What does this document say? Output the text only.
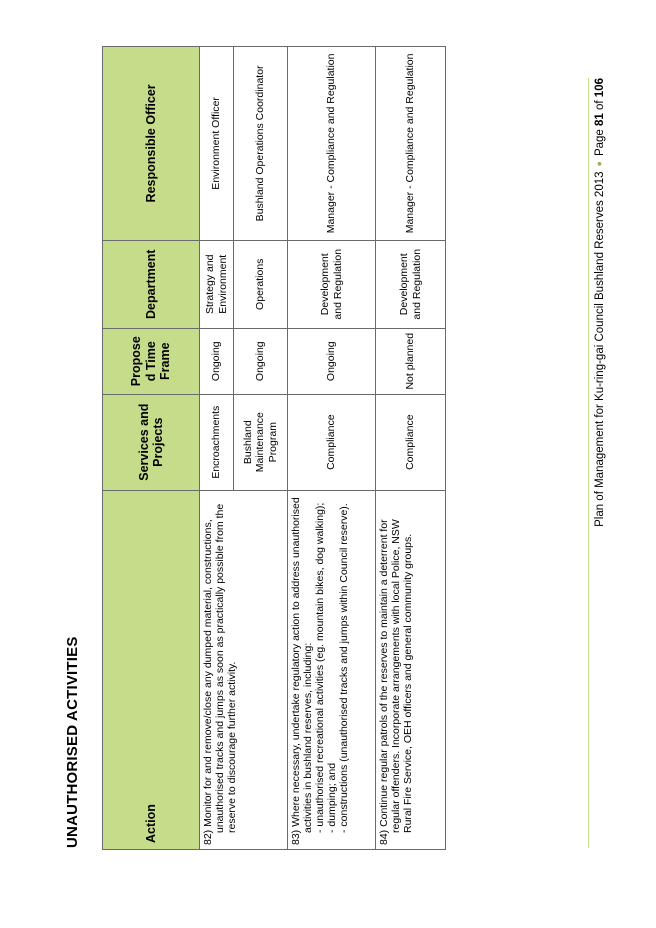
UNAUTHORISED ACTIVITIES	Action	Services and Projects	Propose d Time Frame	Department	Responsible Officer

82) Monitor for and remove/close any dumped material, constructions, unauthorised tracks and jumps as soon as practically possible from the reserve to discourage further activity.	Encroachments	Ongoing	Strategy and Environment	Environment Officer
	Bushland Maintenance Program	Ongoing	Operations	Bushland Operations Coordinator

83) Where necessary, undertake regulatory action to address unauthorised activities in bushland reserves, including:
- unauthorised recreational activities (eg. mountain bikes, dog walking);
- dumping; and
- constructions (unauthorised tracks and jumps within Council reserve).	Compliance	Ongoing	Development and Regulation	Manager - Compliance and Regulation

84) Continue regular patrols of the reserves to maintain a deterrent for regular offenders. Incorporate arrangements with local Police, NSW Rural Fire Service, OEH officers and general community groups.	Compliance	Not planned	Development and Regulation	Manager - Compliance and Regulation
Plan of Management for Ku-ring-gai Council Bushland Reserves 2013●Page 81 of 106
